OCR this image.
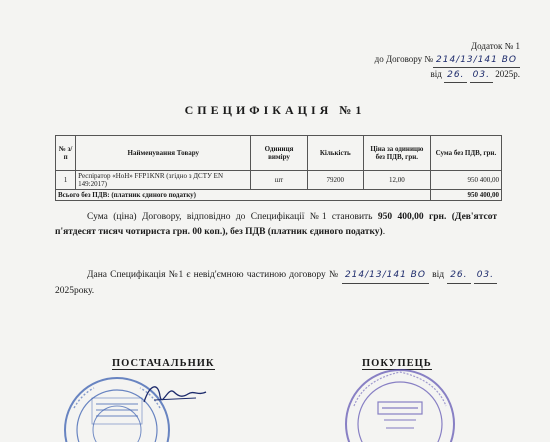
Додаток № 1
до Договору № 214/13/141 BO
від 26. 03. 2025р.
СПЕЦИФІКАЦІЯ №1
№ з/п	Найменування Товару	Одиниця виміру	Кількість	Ціна за одиницю без ПДВ, грн.	Сума без ПДВ, грн.
1	Респіратор «HoH» FFP1KNR (згідно з ДСТУ EN 149:2017)	шт	79200	12,00	950 400,00
Всього без ПДВ: (платник єдиного податку)					950 400,00
Сума (ціна) Договору, відповідно до Специфікації №1 становить 950 400,00 грн. (Дев'ятсот п'ятдесят тисяч чотириста грн. 00 коп.), без ПДВ (платник єдиного податку).
Дана Специфікація №1 є невід'ємною частиною договору № 214/13/141 BO від 26. 03. 2025року.
ПОСТАЧАЛЬНИК	ПОКУПЕЦЬ
